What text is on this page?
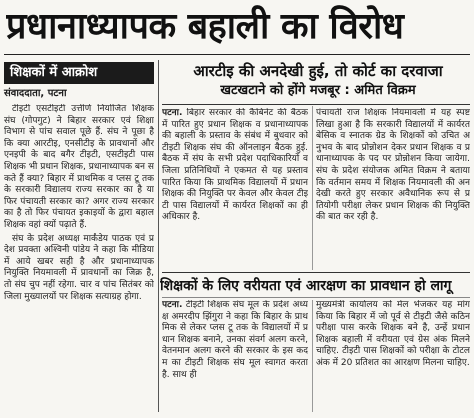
प्रधानाध्यापक बहाली का विरोध
शिक्षकों में आक्रोश
संवाददाता, पटना
आरटीइ की अनदेखी हुई, तो कोर्ट का दरवाजा
खटखटाने को होंगे मजबूर : अमित विक्रम

टीइटी एसटीइटी उत्तीर्ण नियोजित शिक्षक संघ (गोपगुट) ने बिहार सरकार एवं शिक्षा विभाग से पांच सवाल पूछे हैं. संघ ने पूछा है कि क्या आरटीइ, एनसीटीइ के प्रावधानों और एनइपी के बाद बगैर टीइटी, एसटीइटी पास शिक्षक भी प्रधान शिक्षक, प्रधानाध्यापक बन सकते हैं क्या? बिहार में प्राथमिक व प्लस टू तक के सरकारी विद्यालय राज्य सरकार का है या फिर पंचायती सरकार का? अगर राज्य सरकार का है तो फिर पंचायत इकाइयों के द्वारा बहाल शिक्षक वहां क्यों पढ़ाते हैं.

संघ के प्रदेश अध्यक्ष मार्कंडेय पाठक एवं प्रदेश प्रवक्ता अश्विनी पांडेय ने कहा कि मीडिया में आये खबर सही है और प्रधानाध्यापक नियुक्ति नियमावली में प्रावधानों का जिक्र है, तो संघ चुप नहीं रहेगा. चार व पांच सितंबर को जिला मुख्यालयों पर शिक्षक सत्याग्रह होगा.

पटना. बिहार सरकार की कैबिनेट की बैठक में पारित हुए प्रधान शिक्षक व प्रधानाध्यापक की बहाली के प्रस्ताव के संबंध में बुधवार को टीइटी शिक्षक संघ की ऑनलाइन बैठक हुई. बैठक में संघ के सभी प्रदेश पदाधिकारियों व जिला प्रतिनिधियों ने एकमत से यह प्रस्ताव पारित किया कि प्राथमिक विद्यालयों में प्रधान शिक्षक की नियुक्ति पर केवल और केवल टीइटी पास विद्यालयों में कार्यरत शिक्षकों का ही अधिकार है.
पंचायती राज शिक्षक नियमावली में यह स्पष्ट लिखा हुआ है कि सरकारी विद्यालयों में कार्यरत बेसिक व स्नातक ग्रेड के शिक्षकों को उचित अनुभव के बाद प्रोन्नोशन देकर प्रधान शिक्षक व प्रधानाध्यापक के पद पर प्रोन्नोशन किया जायेगा. संघ के प्रदेश संयोजक अमित विक्रम ने बताया कि वर्तमान समय में शिक्षक नियमावली की अनदेखी करते हुए सरकार अवैधानिक रूप से प्रतियोगी परीक्षा लेकर प्रधान शिक्षक की नियुक्ति की बात कर रही है.
शिक्षकों के लिए वरीयता एवं आरक्षण का प्रावधान हो लागू
पटना. टीइटी शिक्षक संघ मूल के प्रदेश अध्यक्ष अमरदीप झिंगुरा ने कहा कि बिहार के प्राथमिक से लेकर प्लस टू तक के विद्यालयों में प्रधान शिक्षक बनाने, उनका संवर्ग अलग करने, वेतनमान अलग करने की सरकार के इस कदम का टीइटी शिक्षक संघ मूल स्वागत करता है. साथ ही
मुख्यमंत्री कार्यालय को मेल भेजकर यह मांग किया कि बिहार में जो पूर्व से टीइटी जैसे कठिन परीक्षा पास करके शिक्षक बने है, उन्हें प्रधान शिक्षक बहाली में वरीयता एवं ग्रेस अंक मिलने चाहिए. टीइटी पास शिक्षकों को परीक्षा के टोटल अंक में 20 प्रतिशत का आरक्षण मिलना चाहिए.
